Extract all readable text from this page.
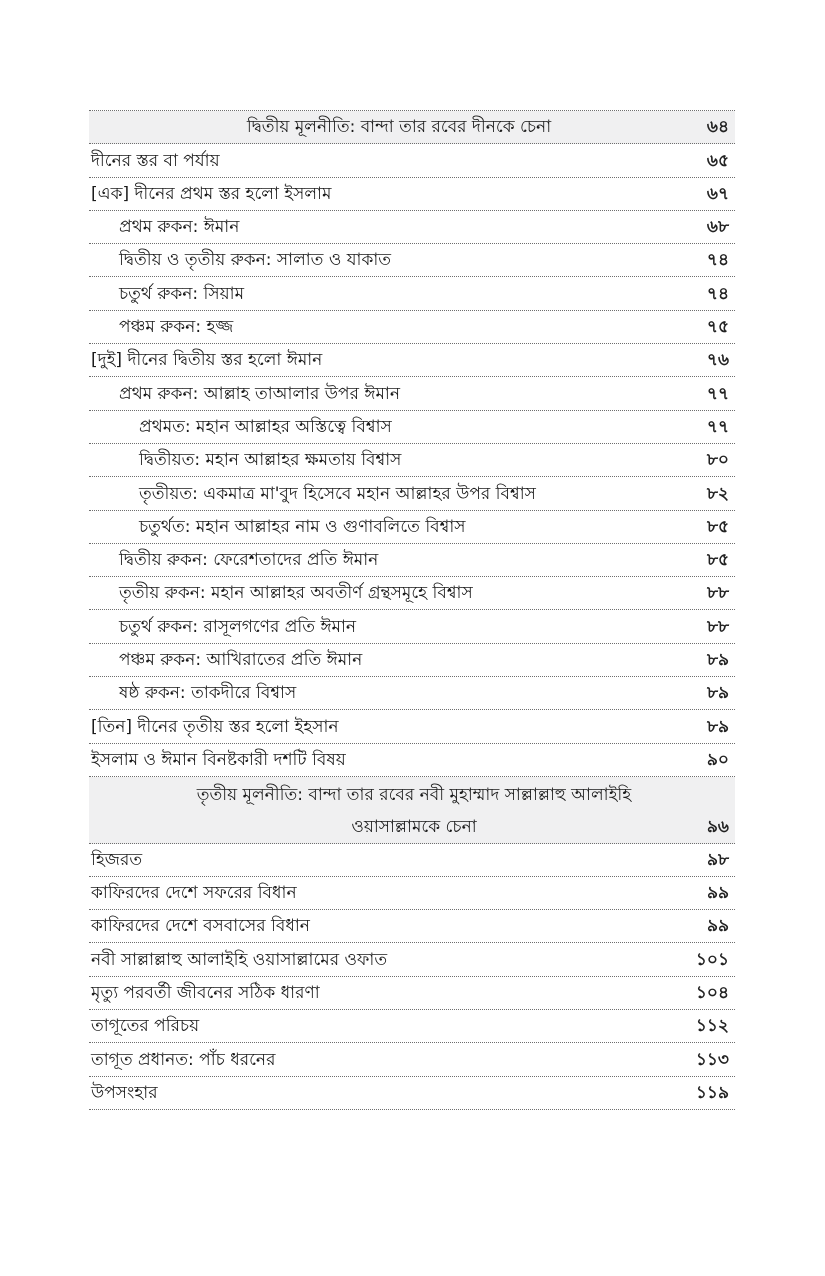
দ্বিতীয় মূলনীতি: বান্দা তার রবের দীনকে চেনা	৬৪
দীনের স্তর বা পর্যায়	৬৫
[এক] দীনের প্রথম স্তর হলো ইসলাম	৬৭
প্রথম রুকন: ঈমান	৬৮
দ্বিতীয় ও তৃতীয় রুকন: সালাত ও যাকাত	৭৪
চতুর্থ রুকন: সিয়াম	৭৪
পঞ্চম রুকন: হজ্জ	৭৫
[দুই] দীনের দ্বিতীয় স্তর হলো ঈমান	৭৬
প্রথম রুকন: আল্লাহ তাআলার উপর ঈমান	৭৭
প্রথমত: মহান আল্লাহর অস্তিত্বে বিশ্বাস	৭৭
দ্বিতীয়ত: মহান আল্লাহর ক্ষমতায় বিশ্বাস	৮০
তৃতীয়ত: একমাত্র মা'বুদ হিসেবে মহান আল্লাহর উপর বিশ্বাস	৮২
চতুর্থত: মহান আল্লাহর নাম ও গুণাবলিতে বিশ্বাস	৮৫
দ্বিতীয় রুকন: ফেরেশতাদের প্রতি ঈমান	৮৫
তৃতীয় রুকন: মহান আল্লাহর অবতীর্ণ গ্রন্থসমূহে বিশ্বাস	৮৮
চতুর্থ রুকন: রাসূলগণের প্রতি ঈমান	৮৮
পঞ্চম রুকন: আখিরাতের প্রতি ঈমান	৮৯
ষষ্ঠ রুকন: তাকদীরে বিশ্বাস	৮৯
[তিন] দীনের তৃতীয় স্তর হলো ইহসান	৮৯
ইসলাম ও ঈমান বিনষ্টকারী দশটি বিষয়	৯০
তৃতীয় মূলনীতি: বান্দা তার রবের নবী মুহাম্মাদ সাল্লাল্লাহু আলাইহি ওয়াসাল্লামকে চেনা	৯৬
হিজরত	৯৮
কাফিরদের দেশে সফরের বিধান	৯৯
কাফিরদের দেশে বসবাসের বিধান	৯৯
নবী সাল্লাল্লাহু আলাইহি ওয়াসাল্লামের ওফাত	১০১
মৃত্যু পরবর্তী জীবনের সঠিক ধারণা	১০৪
তাগূতের পরিচয়	১১২
তাগূত প্রধানত: পাঁচ ধরনের	১১৩
উপসংহার	১১৯
